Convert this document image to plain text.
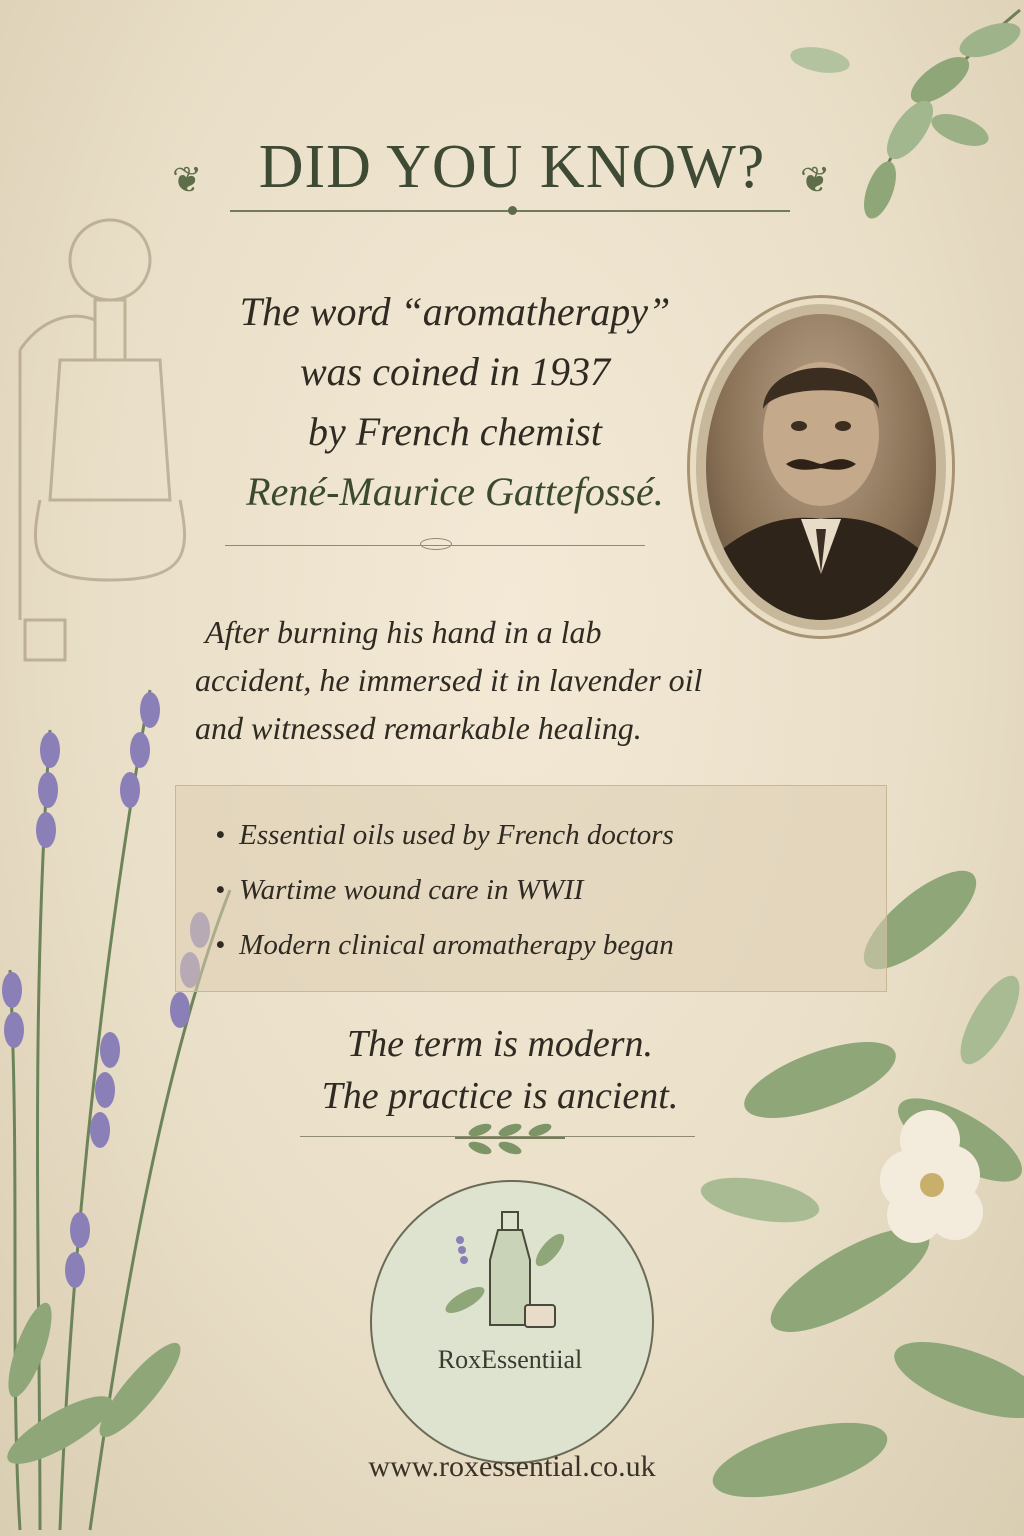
❦ DID YOU KNOW? ❦
The word “aromatherapy”
was coined in 1937
by French chemist
René-Maurice Gattefossé.
After burning his hand in a lab
accident, he immersed it in lavender oil
and witnessed remarkable healing.
• Essential oils used by French doctors
• Wartime wound care in WWII
• Modern clinical aromatherapy began
The term is modern.
The practice is ancient.
RoxEssentiial
www.roxessential.co.uk
